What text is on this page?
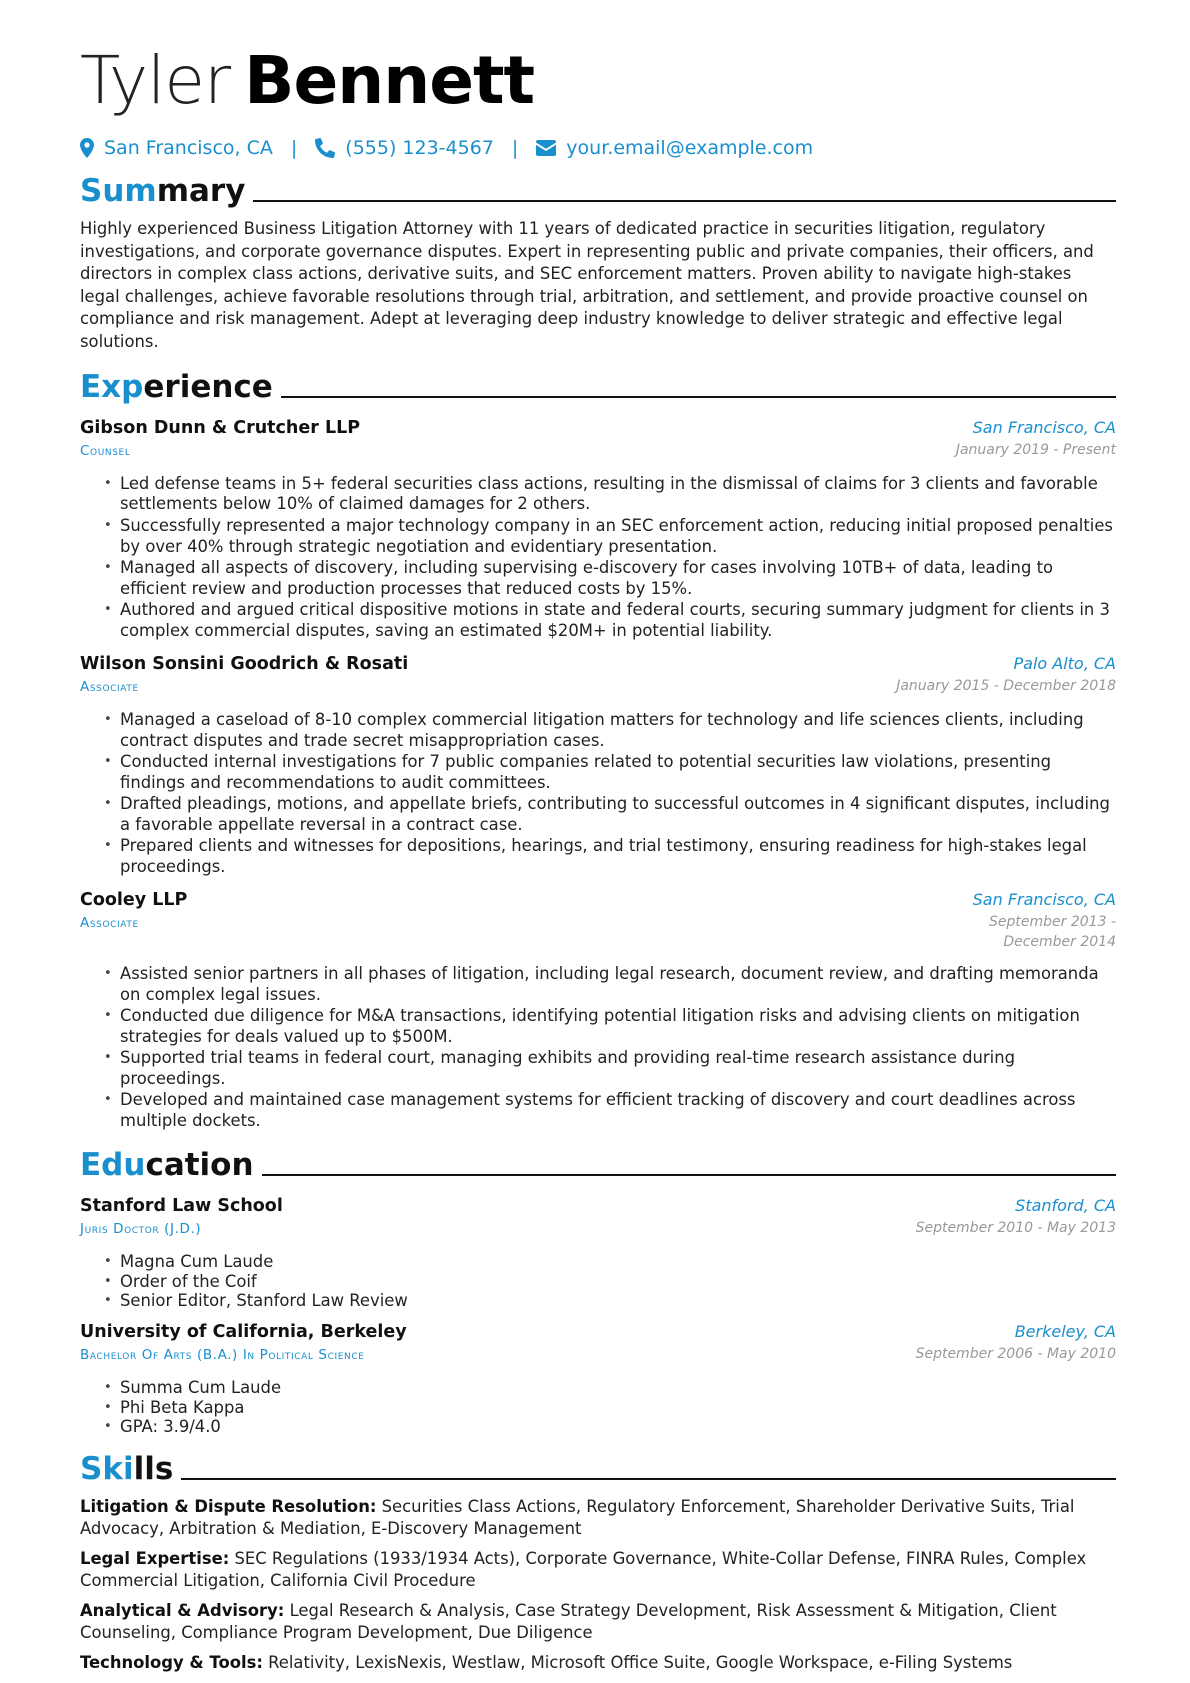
Tyler Bennett
San Francisco, CA |	(555) 123-4567 |	your.email@example.com
Summary
Highly experienced Business Litigation Attorney with 11 years of dedicated practice in securities litigation, regulatory investigations, and corporate governance disputes. Expert in representing public and private companies, their officers, and directors in complex class actions, derivative suits, and SEC enforcement matters. Proven ability to navigate high-stakes legal challenges, achieve favorable resolutions through trial, arbitration, and settlement, and provide proactive counsel on compliance and risk management. Adept at leveraging deep industry knowledge to deliver strategic and effective legal solutions.
Experience
Gibson Dunn & Crutcher LLP	San Francisco, CA
Counsel	January 2019 - Present
• Led defense teams in 5+ federal securities class actions, resulting in the dismissal of claims for 3 clients and favorable settlements below 10% of claimed damages for 2 others.
• Successfully represented a major technology company in an SEC enforcement action, reducing initial proposed penalties by over 40% through strategic negotiation and evidentiary presentation.
• Managed all aspects of discovery, including supervising e-discovery for cases involving 10TB+ of data, leading to efficient review and production processes that reduced costs by 15%.
• Authored and argued critical dispositive motions in state and federal courts, securing summary judgment for clients in 3 complex commercial disputes, saving an estimated $20M+ in potential liability.
Wilson Sonsini Goodrich & Rosati	Palo Alto, CA
Associate	January 2015 - December 2018
• Managed a caseload of 8-10 complex commercial litigation matters for technology and life sciences clients, including contract disputes and trade secret misappropriation cases.
• Conducted internal investigations for 7 public companies related to potential securities law violations, presenting findings and recommendations to audit committees.
• Drafted pleadings, motions, and appellate briefs, contributing to successful outcomes in 4 significant disputes, including a favorable appellate reversal in a contract case.
• Prepared clients and witnesses for depositions, hearings, and trial testimony, ensuring readiness for high-stakes legal proceedings.
Cooley LLP	San Francisco, CA
Associate	September 2013 - December 2014
• Assisted senior partners in all phases of litigation, including legal research, document review, and drafting memoranda on complex legal issues.
• Conducted due diligence for M&A transactions, identifying potential litigation risks and advising clients on mitigation strategies for deals valued up to $500M.
• Supported trial teams in federal court, managing exhibits and providing real-time research assistance during proceedings.
• Developed and maintained case management systems for efficient tracking of discovery and court deadlines across multiple dockets.
Education
Stanford Law School	Stanford, CA
Juris Doctor (J.D.)	September 2010 - May 2013
• Magna Cum Laude
• Order of the Coif
• Senior Editor, Stanford Law Review
University of California, Berkeley	Berkeley, CA
Bachelor Of Arts (B.A.) In Political Science	September 2006 - May 2010
• Summa Cum Laude
• Phi Beta Kappa
• GPA: 3.9/4.0
Skills
Litigation & Dispute Resolution: Securities Class Actions, Regulatory Enforcement, Shareholder Derivative Suits, Trial Advocacy, Arbitration & Mediation, E-Discovery Management
Legal Expertise: SEC Regulations (1933/1934 Acts), Corporate Governance, White-Collar Defense, FINRA Rules, Complex Commercial Litigation, California Civil Procedure
Analytical & Advisory: Legal Research & Analysis, Case Strategy Development, Risk Assessment & Mitigation, Client Counseling, Compliance Program Development, Due Diligence
Technology & Tools: Relativity, LexisNexis, Westlaw, Microsoft Office Suite, Google Workspace, e-Filing Systems
